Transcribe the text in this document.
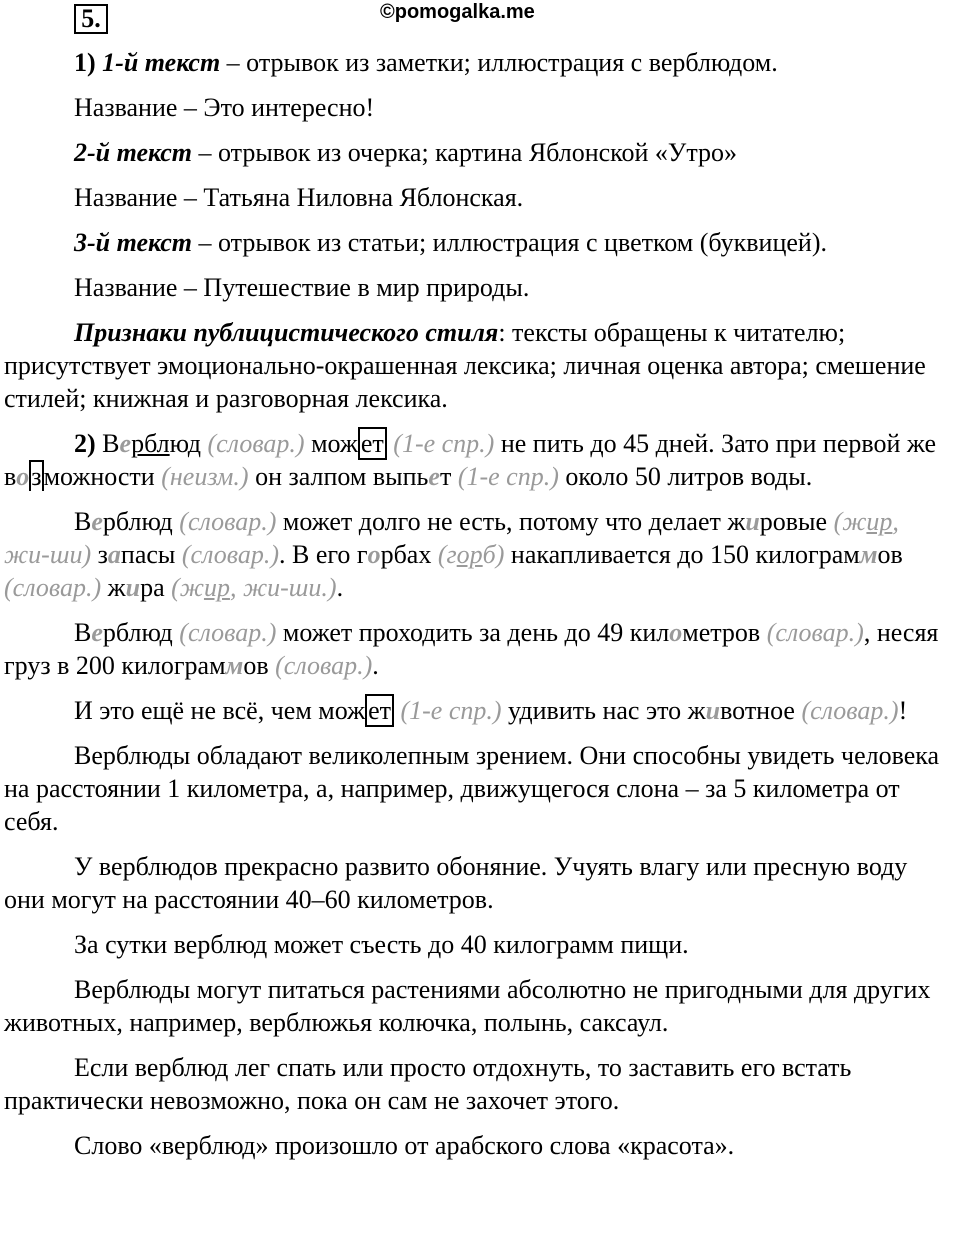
5.	©pomogalka.me

1) 1-й текст – отрывок из заметки; иллюстрация с верблюдом.

Название – Это интересно!

2-й текст – отрывок из очерка; картина Яблонской «Утро»

Название – Татьяна Ниловна Яблонская.

3-й текст – отрывок из статьи; иллюстрация с цветком (буквицей).

Название – Путешествие в мир природы.

Признаки публицистического стиля: тексты обращены к читателю; присутствует эмоционально-окрашенная лексика; личная оценка автора; смешение стилей; книжная и разговорная лексика.

2) Верблюд (словар.) мож ет (1-е спр.) не пить до 45 дней. Зато при первой же возможности (неизм.) он залпом выпьет (1-е спр.) около 50 литров воды.

Верблюд (словар.) может долго не есть, потому что делает жировые (жир, жи-ши) запасы (словар.). В его горбах (горб) накапливается до 150 килограммов (словар.) жира (жир, жи-ши.).

Верблюд (словар.) может проходить за день до 49 километров (словар.), несяя груз в 200 килограммов (словар.).

И это ещё не всё, чем мож ет (1-е спр.) удивить нас это животное (словар.)!

Верблюды обладают великолепным зрением. Они способны увидеть человека на расстоянии 1 километра, а, например, движущегося слона – за 5 километра от себя.

У верблюдов прекрасно развито обоняние. Учуять влагу или пресную воду они могут на расстоянии 40–60 километров.

За сутки верблюд может съесть до 40 килограмм пищи.

Верблюды могут питаться растениями абсолютно не пригодными для других животных, например, верблюжья колючка, полынь, саксаул.

Если верблюд лег спать или просто отдохнуть, то заставить его встать практически невозможно, пока он сам не захочет этого.

Слово «верблюд» произошло от арабского слова «красота».
